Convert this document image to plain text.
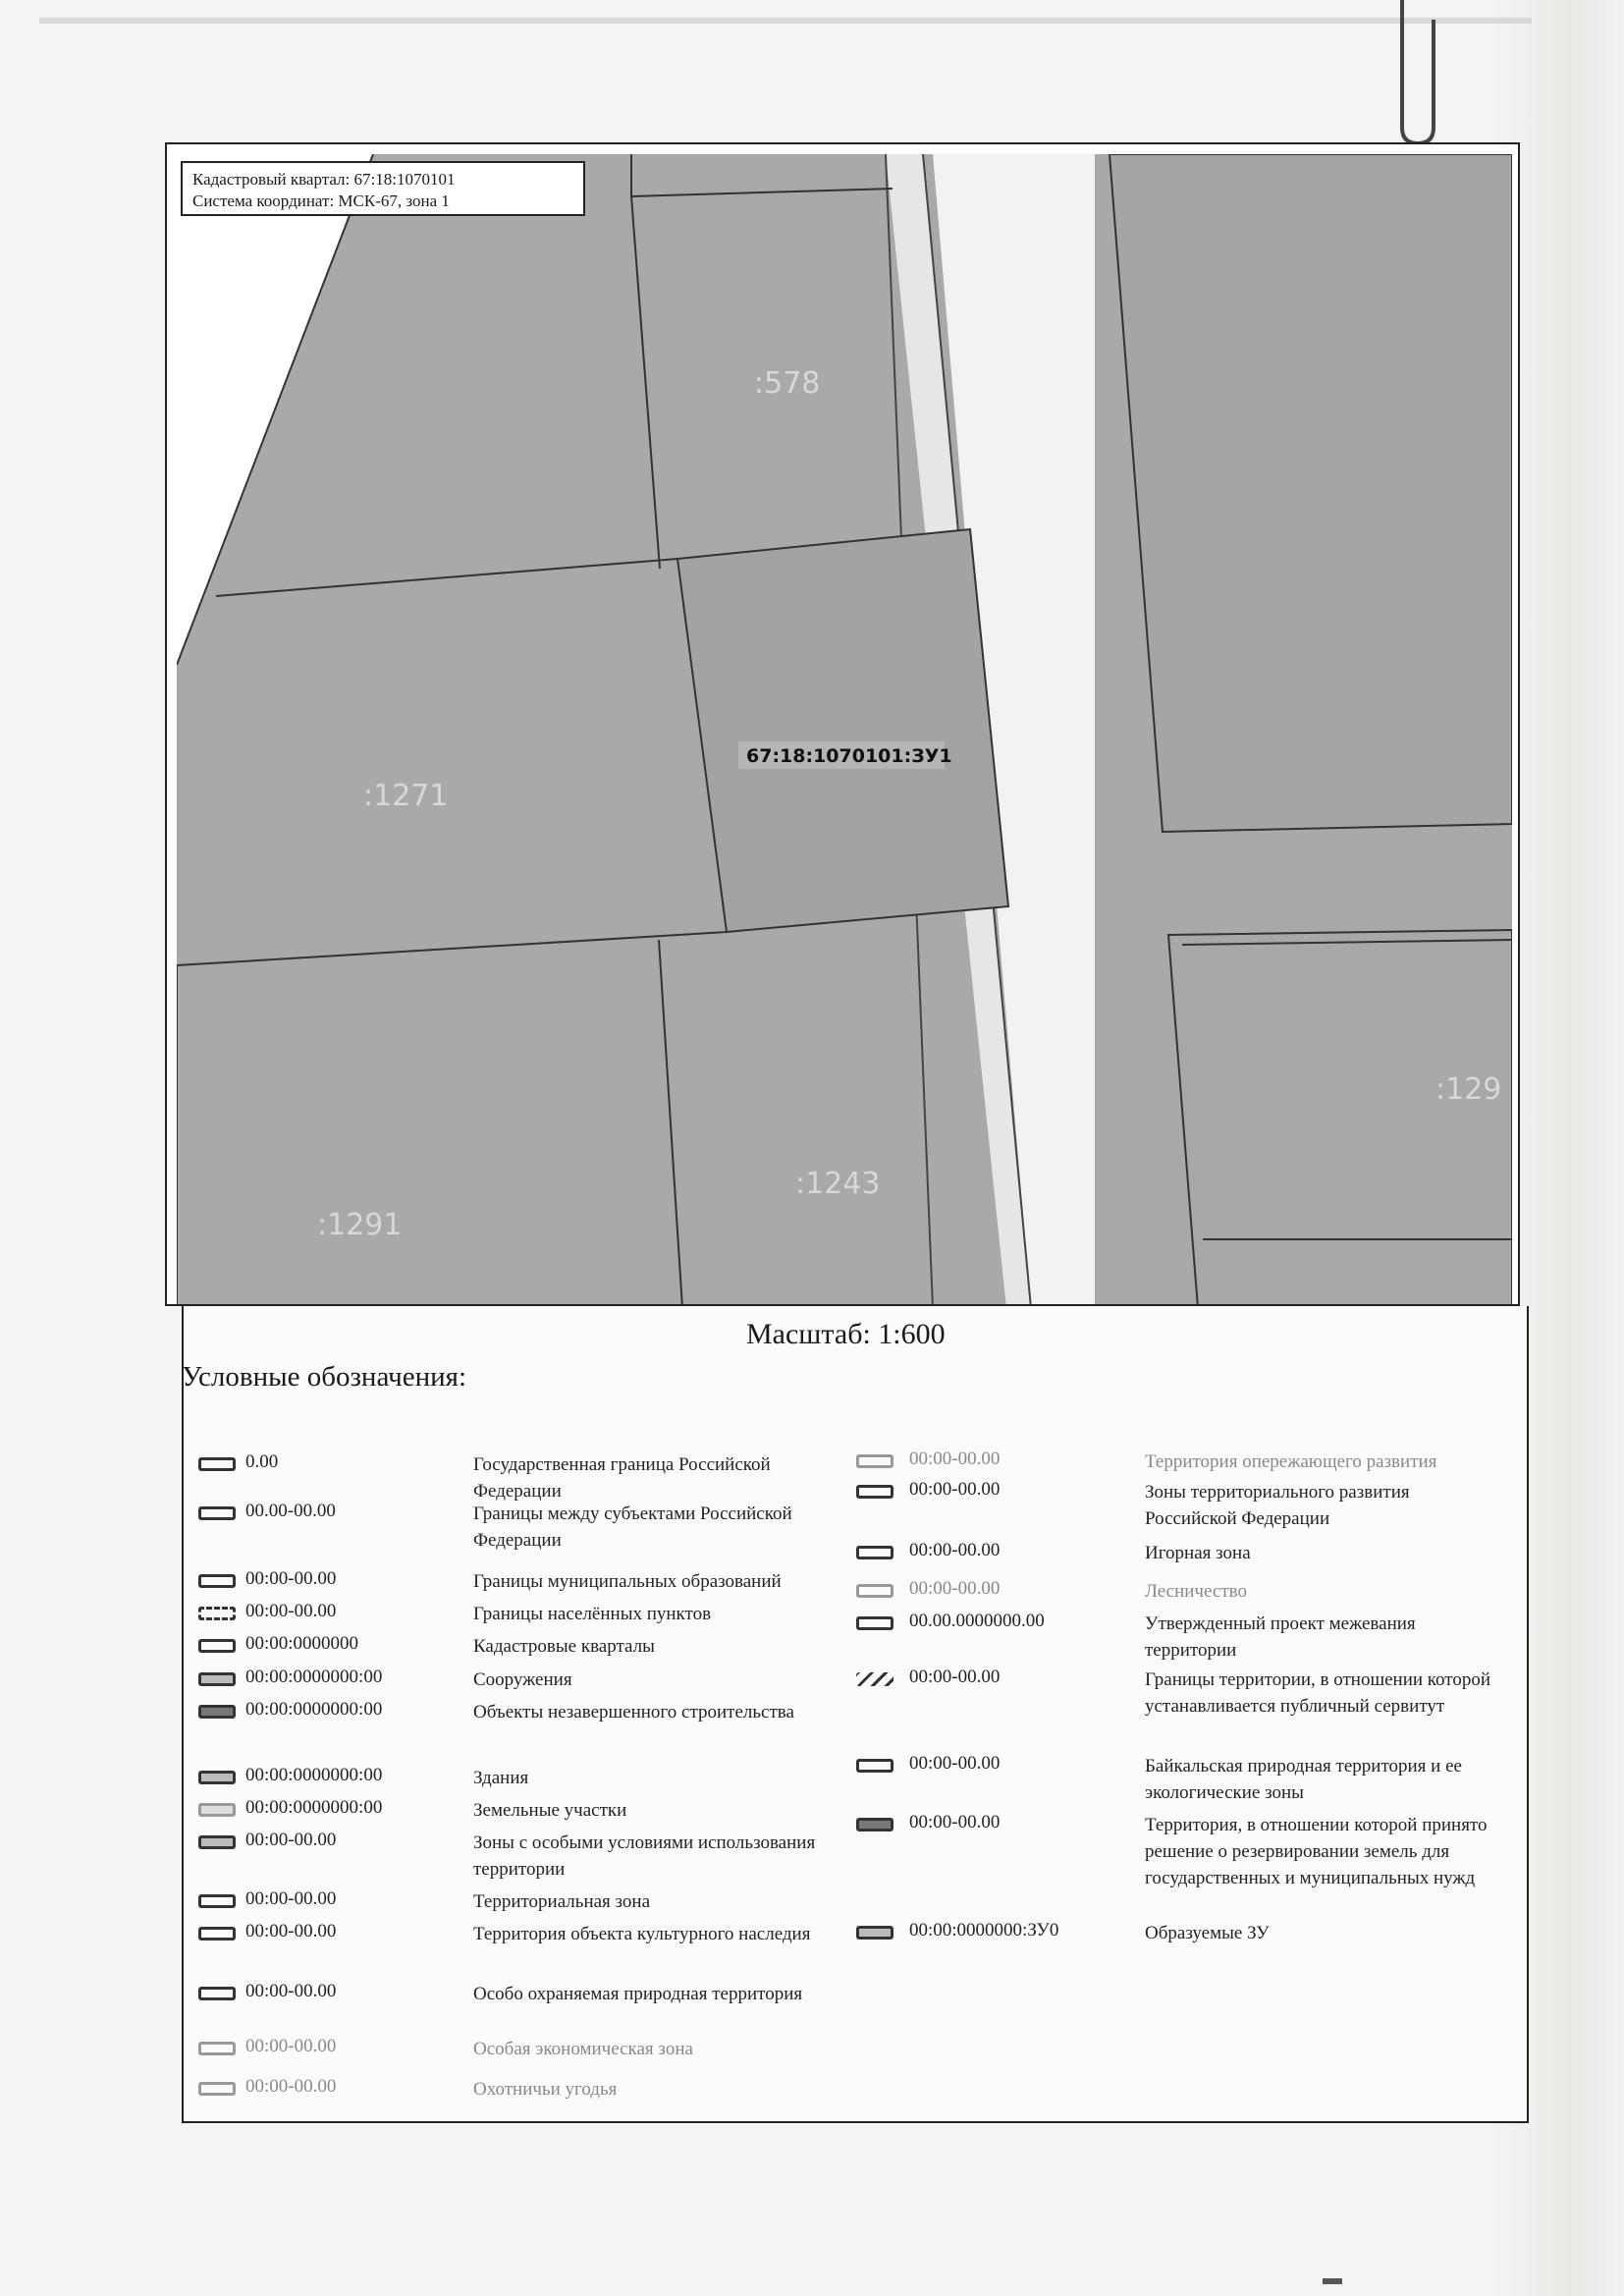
:578
:1271
:1291
:1243
:129
67:18:1070101:ЗУ1
Кадастровый квартал: 67:18:1070101
Система координат: МСК-67, зона 1
Масштаб: 1:600
Условные обозначения:
0.00	Государственная граница Российской Федерации
00.00-00.00	Границы между субъектами Российской Федерации
00:00-00.00	Границы муниципальных образований
00:00-00.00	Границы населённых пунктов
00:00:0000000	Кадастровые кварталы
00:00:0000000:00	Сооружения
00:00:0000000:00	Объекты незавершенного строительства
00:00:0000000:00	Здания
00:00:0000000:00	Земельные участки
00:00-00.00	Зоны с особыми условиями использования территории
00:00-00.00	Территориальная зона
00:00-00.00	Территория объекта культурного наследия
00:00-00.00	Особо охраняемая природная территория
00:00-00.00	Особая экономическая зона
00:00-00.00	Охотничьи угодья
00:00-00.00	Территория опережающего развития
00:00-00.00	Зоны территориального развития Российской Федерации
00:00-00.00	Игорная зона
00:00-00.00	Лесничество
00.00.0000000.00	Утвержденный проект межевания территории
00:00-00.00	Границы территории, в отношении которой устанавливается публичный сервитут
00:00-00.00	Байкальская природная территория и ее экологические зоны
00:00-00.00	Территория, в отношении которой принято решение о резервировании земель для государственных и муниципальных нужд
00:00:0000000:ЗУ0	Образуемые ЗУ
